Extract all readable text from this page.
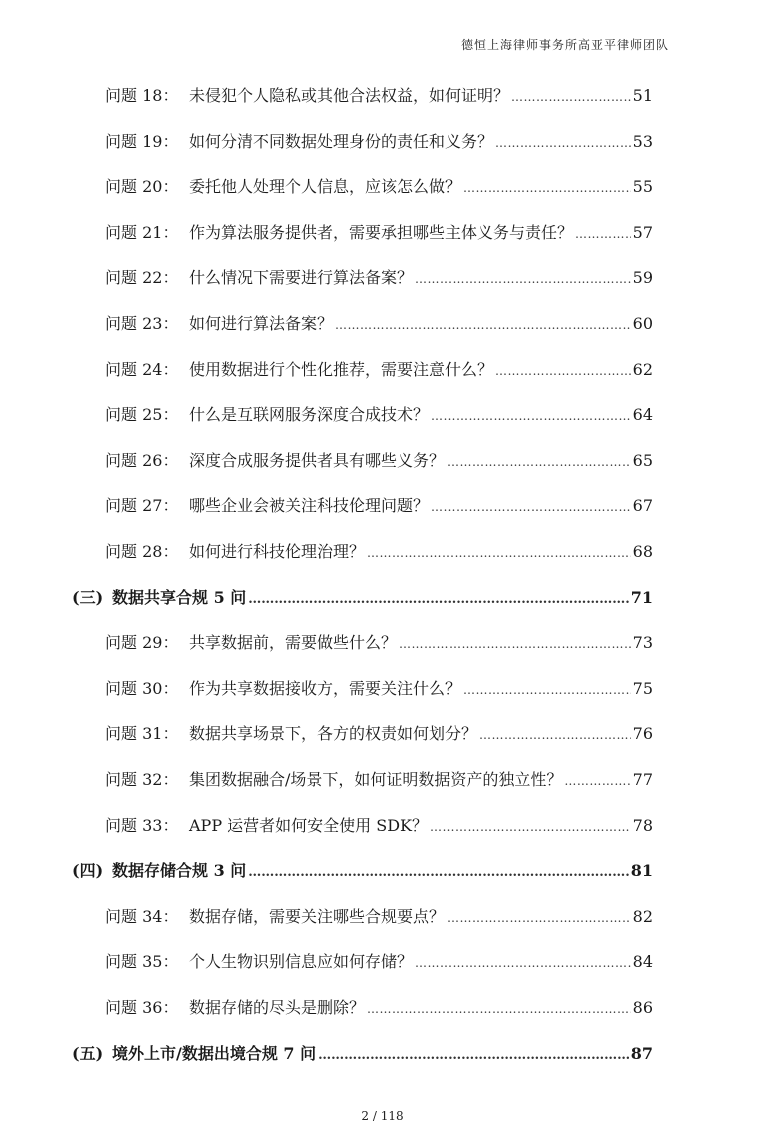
德恒上海律师事务所高亚平律师团队
问题 18： 未侵犯个人隐私或其他合法权益，如何证明？ …………………………………………………………………………………………………………………………………………………………………………	51
问题 19： 如何分清不同数据处理身份的责任和义务？ …………………………………………………………………………………………………………………………………………………………………………	53
问题 20： 委托他人处理个人信息，应该怎么做？ …………………………………………………………………………………………………………………………………………………………………………	55
问题 21： 作为算法服务提供者，需要承担哪些主体义务与责任？ …………………………………………………………………………………………………………………………………………………………………………	57
问题 22： 什么情况下需要进行算法备案？ …………………………………………………………………………………………………………………………………………………………………………	59
问题 23： 如何进行算法备案？ …………………………………………………………………………………………………………………………………………………………………………	60
问题 24： 使用数据进行个性化推荐，需要注意什么？ …………………………………………………………………………………………………………………………………………………………………………	62
问题 25： 什么是互联网服务深度合成技术？ …………………………………………………………………………………………………………………………………………………………………………	64
问题 26： 深度合成服务提供者具有哪些义务？ …………………………………………………………………………………………………………………………………………………………………………	65
问题 27： 哪些企业会被关注科技伦理问题？ …………………………………………………………………………………………………………………………………………………………………………	67
问题 28： 如何进行科技伦理治理？ …………………………………………………………………………………………………………………………………………………………………………	68
(三) 数据共享合规 5 问 …………………………………………………………………………………………………………………………………………………………………………	71
问题 29： 共享数据前，需要做些什么？ …………………………………………………………………………………………………………………………………………………………………………	73
问题 30： 作为共享数据接收方，需要关注什么？ …………………………………………………………………………………………………………………………………………………………………………	75
问题 31： 数据共享场景下，各方的权责如何划分？ …………………………………………………………………………………………………………………………………………………………………………	76
问题 32： 集团数据融合/场景下，如何证明数据资产的独立性？ …………………………………………………………………………………………………………………………………………………………………………	77
问题 33： APP 运营者如何安全使用 SDK？ …………………………………………………………………………………………………………………………………………………………………………	78
(四) 数据存储合规 3 问 …………………………………………………………………………………………………………………………………………………………………………	81
问题 34： 数据存储，需要关注哪些合规要点？ …………………………………………………………………………………………………………………………………………………………………………	82
问题 35： 个人生物识别信息应如何存储？ …………………………………………………………………………………………………………………………………………………………………………	84
问题 36： 数据存储的尽头是删除？ …………………………………………………………………………………………………………………………………………………………………………	86
(五) 境外上市/数据出境合规 7 问 …………………………………………………………………………………………………………………………………………………………………………	87
2 / 118
